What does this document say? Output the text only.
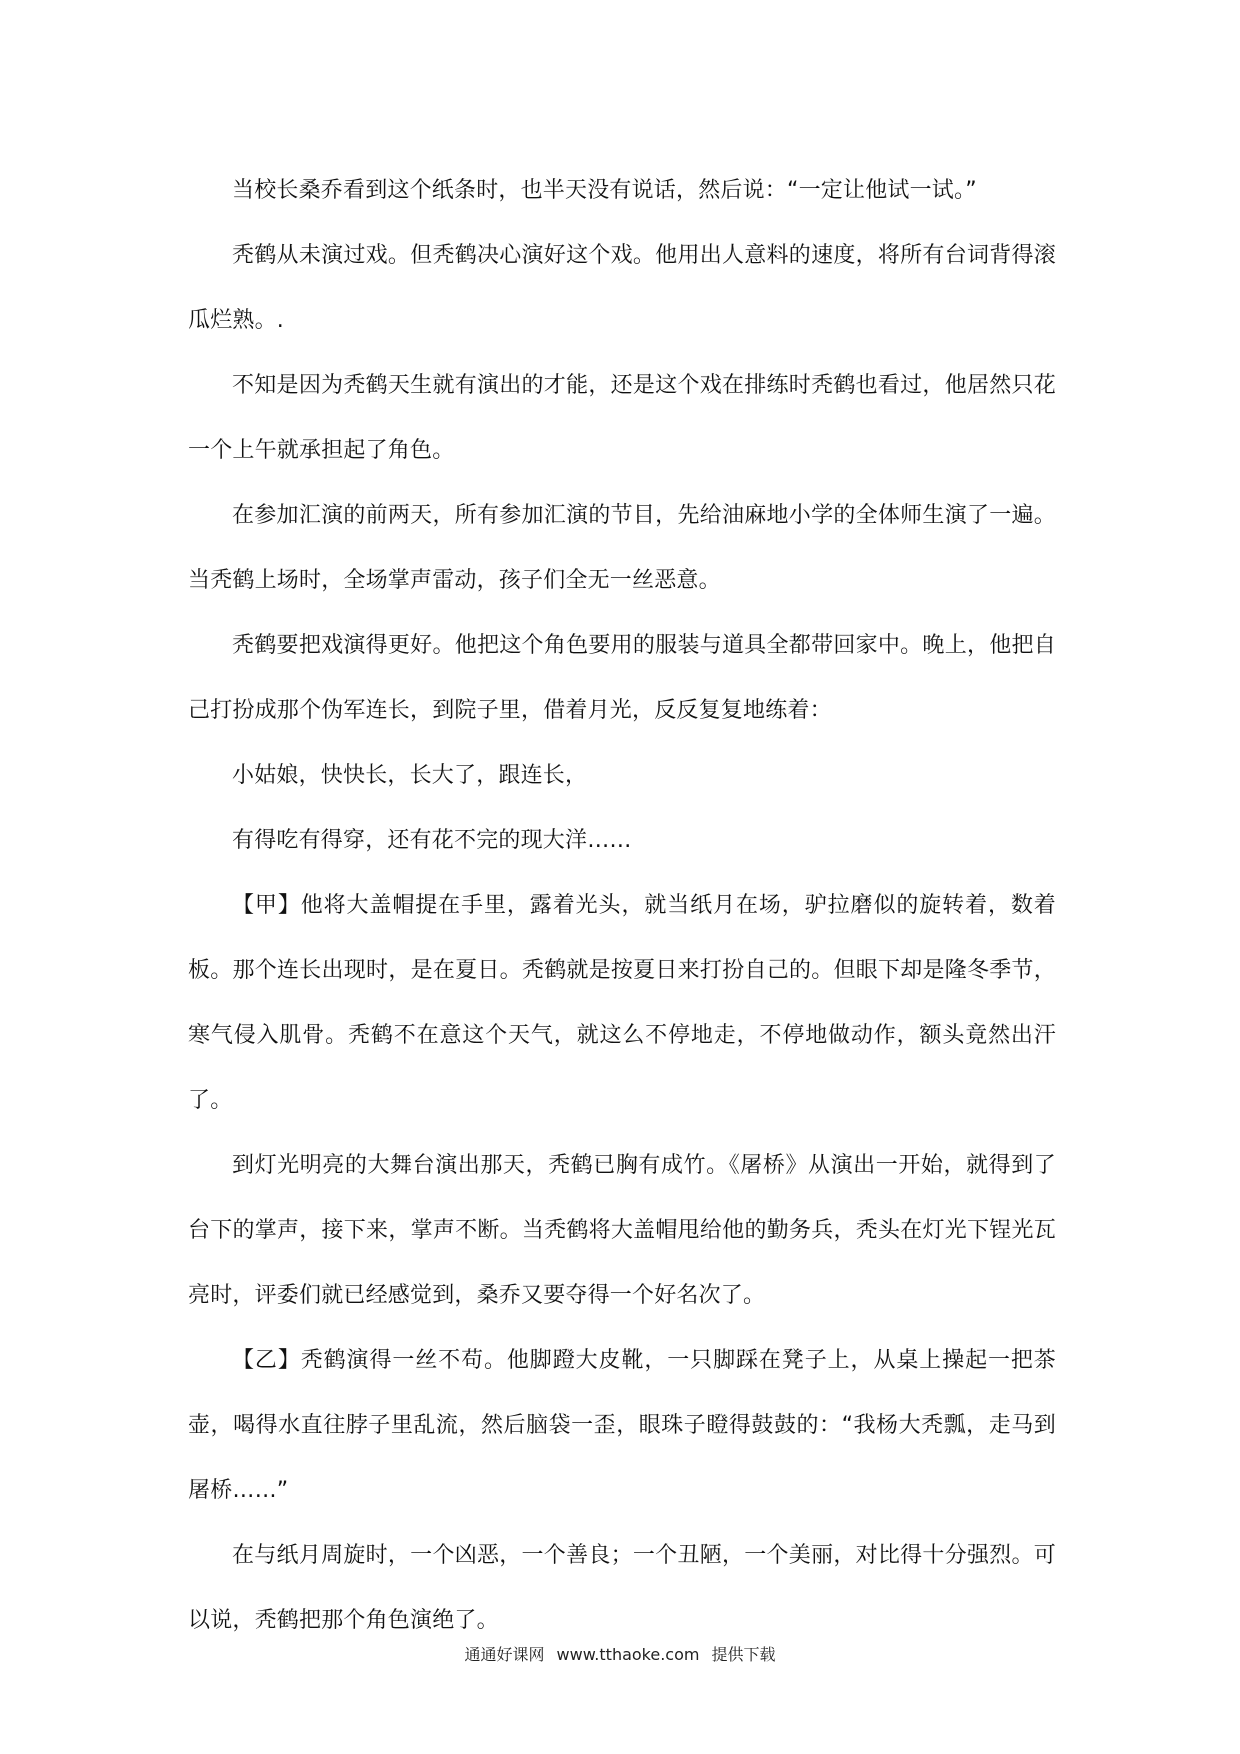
当校长桑乔看到这个纸条时，也半天没有说话，然后说：“一定让他试一试。”

秃鹤从未演过戏。但秃鹤决心演好这个戏。他用出人意料的速度，将所有台词背得滚瓜烂熟。.

不知是因为秃鹤天生就有演出的才能，还是这个戏在排练时秃鹤也看过，他居然只花一个上午就承担起了角色。

在参加汇演的前两天，所有参加汇演的节目，先给油麻地小学的全体师生演了一遍。当秃鹤上场时，全场掌声雷动，孩子们全无一丝恶意。

秃鹤要把戏演得更好。他把这个角色要用的服装与道具全都带回家中。晚上，他把自己打扮成那个伪军连长，到院子里，借着月光，反反复复地练着：

小姑娘，快快长，长大了，跟连长，

有得吃有得穿，还有花不完的现大洋……

【甲】他将大盖帽提在手里，露着光头，就当纸月在场，驴拉磨似的旋转着，数着板。那个连长出现时，是在夏日。秃鹤就是按夏日来打扮自己的。但眼下却是隆冬季节，寒气侵入肌骨。秃鹤不在意这个天气，就这么不停地走，不停地做动作，额头竟然出汗了。

到灯光明亮的大舞台演出那天，秃鹤已胸有成竹。《屠桥》从演出一开始，就得到了台下的掌声，接下来，掌声不断。当秃鹤将大盖帽甩给他的勤务兵，秃头在灯光下锃光瓦亮时，评委们就已经感觉到，桑乔又要夺得一个好名次了。

【乙】秃鹤演得一丝不苟。他脚蹬大皮靴，一只脚踩在凳子上，从桌上操起一把茶壶，喝得水直往脖子里乱流，然后脑袋一歪，眼珠子瞪得鼓鼓的：“我杨大秃瓢，走马到屠桥……”

在与纸月周旋时，一个凶恶，一个善良；一个丑陋，一个美丽，对比得十分强烈。可以说，秃鹤把那个角色演绝了。

通通好课网 www.tthaoke.com 提供下载
